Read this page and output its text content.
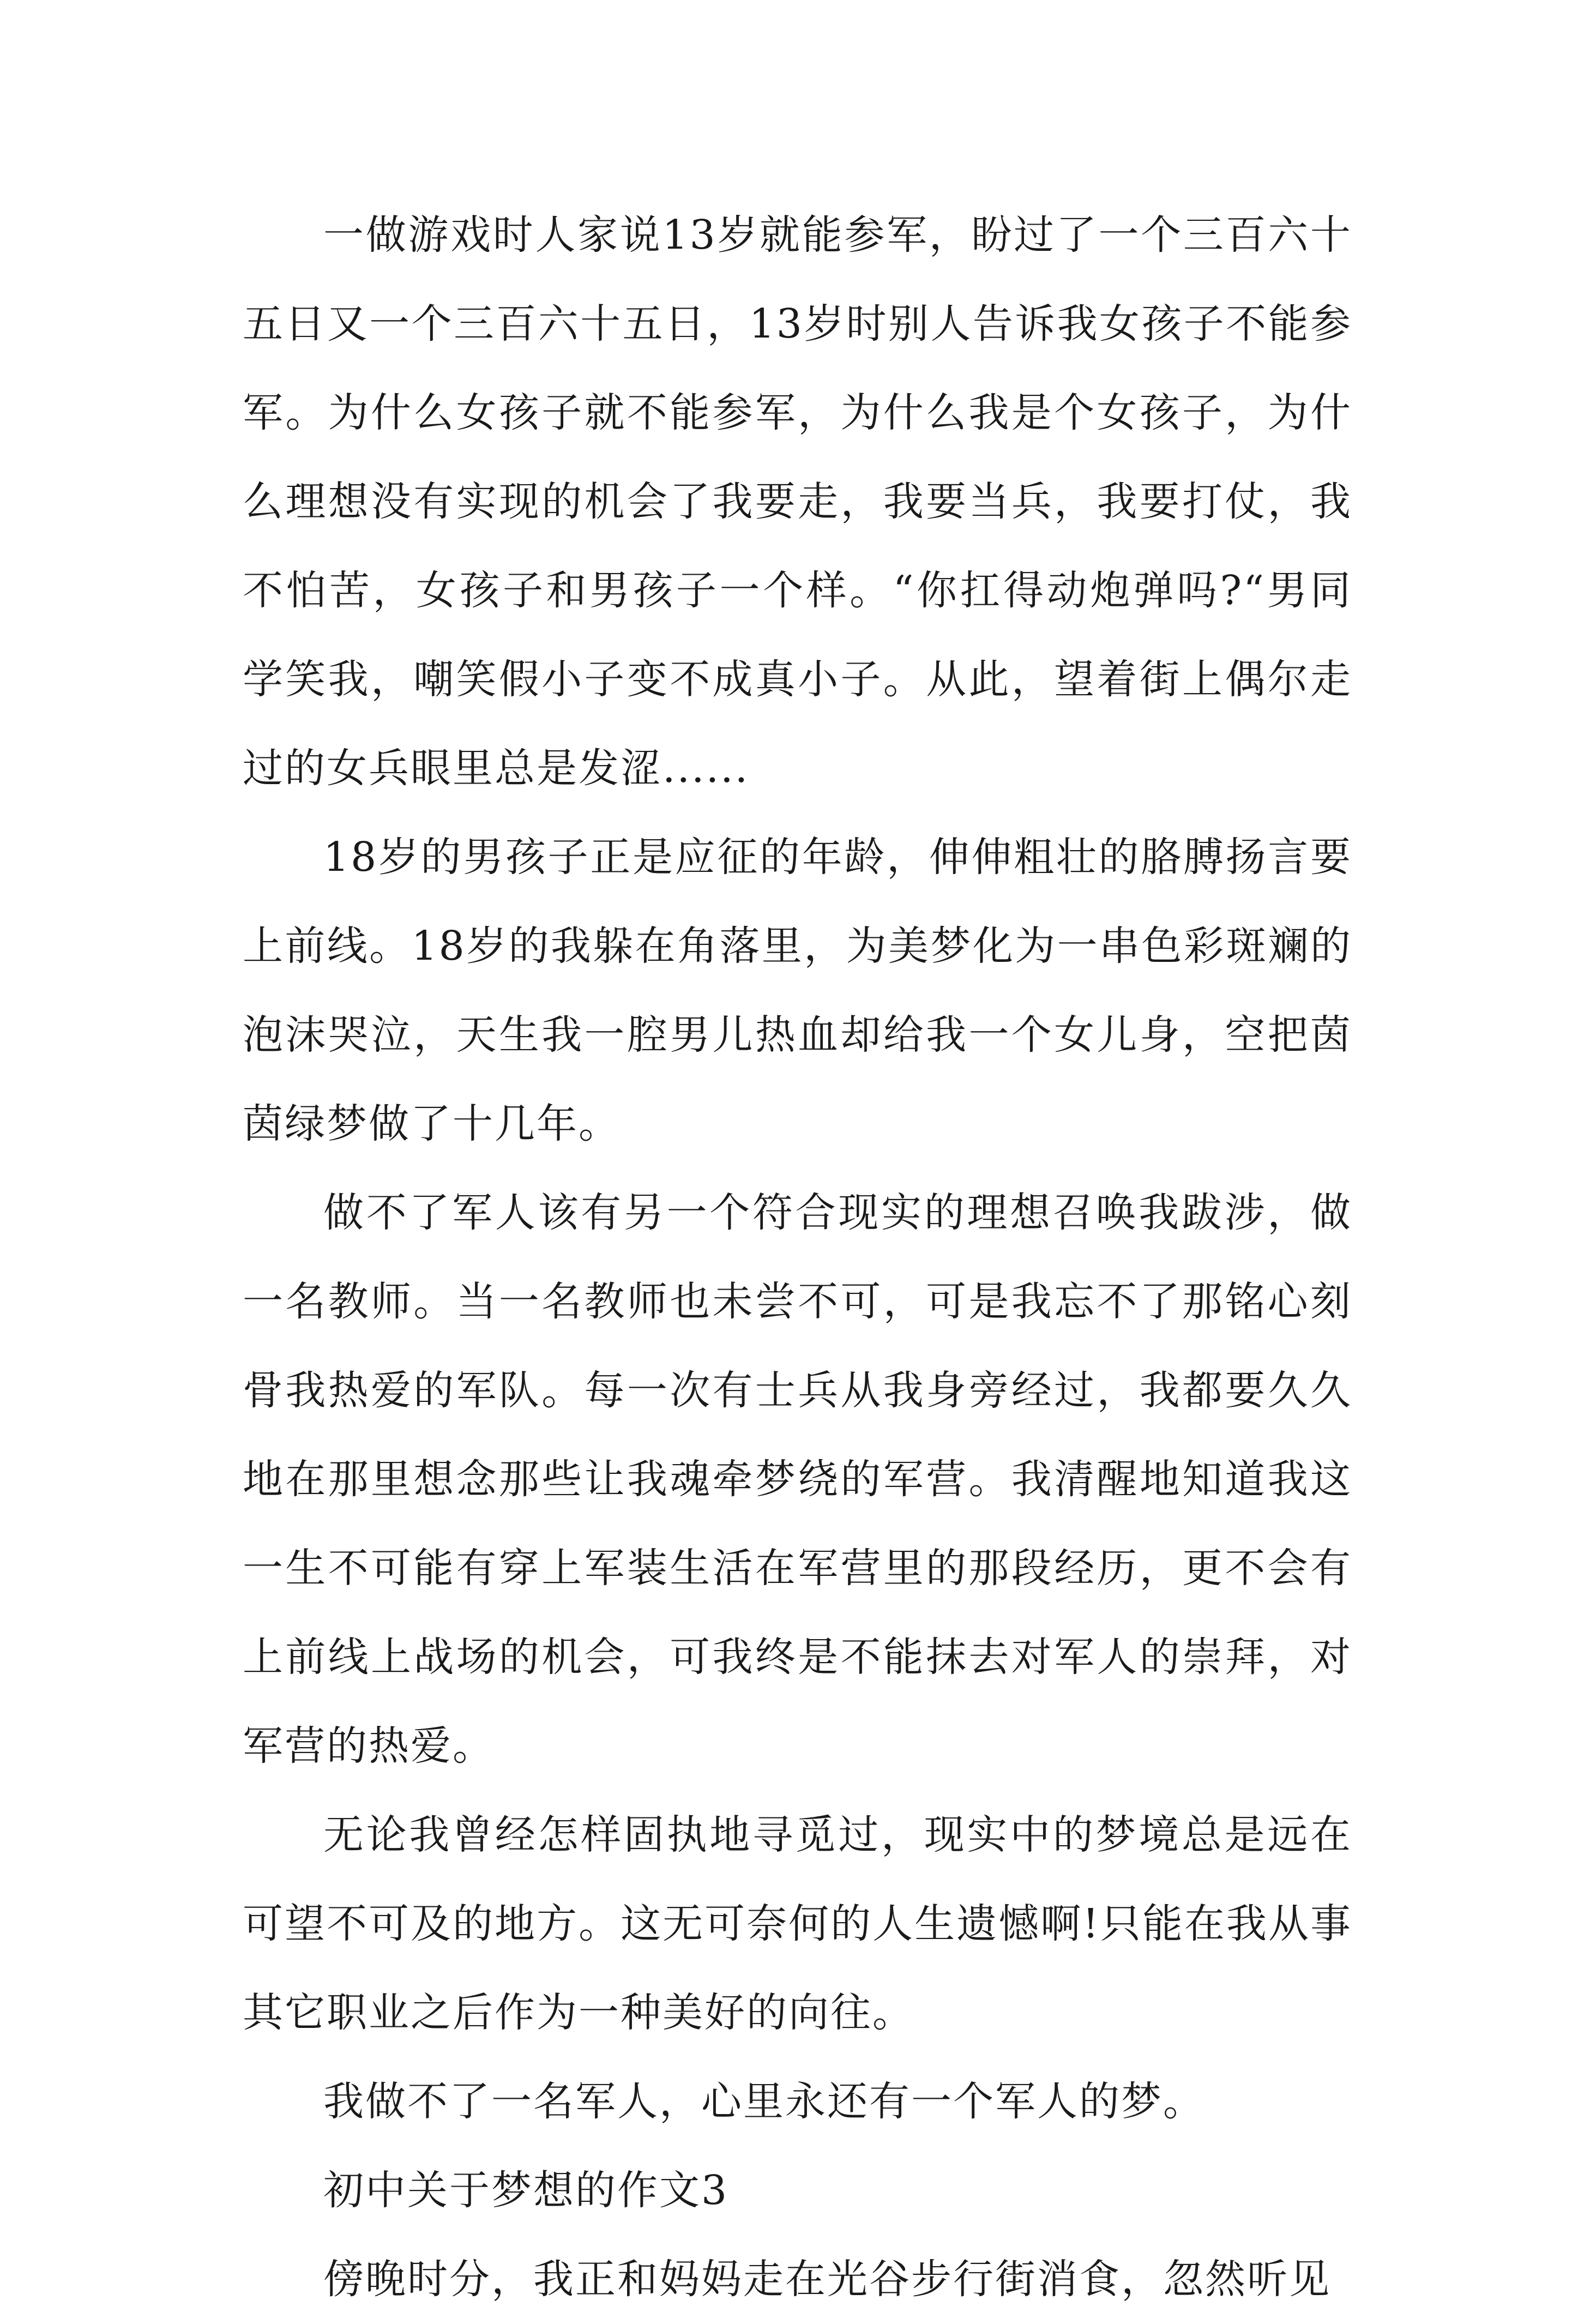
一做游戏时人家说13岁就能参军，盼过了一个三百六十五日又一个三百六十五日，13岁时别人告诉我女孩子不能参军。为什么女孩子就不能参军，为什么我是个女孩子，为什么理想没有实现的机会了我要走，我要当兵，我要打仗，我不怕苦，女孩子和男孩子一个样。“你扛得动炮弹吗?“男同学笑我，嘲笑假小子变不成真小子。从此，望着街上偶尔走过的女兵眼里总是发涩......

18岁的男孩子正是应征的年龄，伸伸粗壮的胳膊扬言要上前线。18岁的我躲在角落里，为美梦化为一串色彩斑斓的泡沫哭泣，天生我一腔男儿热血却给我一个女儿身，空把茵茵绿梦做了十几年。

做不了军人该有另一个符合现实的理想召唤我跋涉，做一名教师。当一名教师也未尝不可，可是我忘不了那铭心刻骨我热爱的军队。每一次有士兵从我身旁经过，我都要久久地在那里想念那些让我魂牵梦绕的军营。我清醒地知道我这一生不可能有穿上军装生活在军营里的那段经历，更不会有上前线上战场的机会，可我终是不能抹去对军人的崇拜，对军营的热爱。

无论我曾经怎样固执地寻觅过，现实中的梦境总是远在可望不可及的地方。这无可奈何的人生遗憾啊!只能在我从事其它职业之后作为一种美好的向往。

我做不了一名军人，心里永还有一个军人的梦。

初中关于梦想的作文3

傍晚时分，我正和妈妈走在光谷步行街消食，忽然听见
